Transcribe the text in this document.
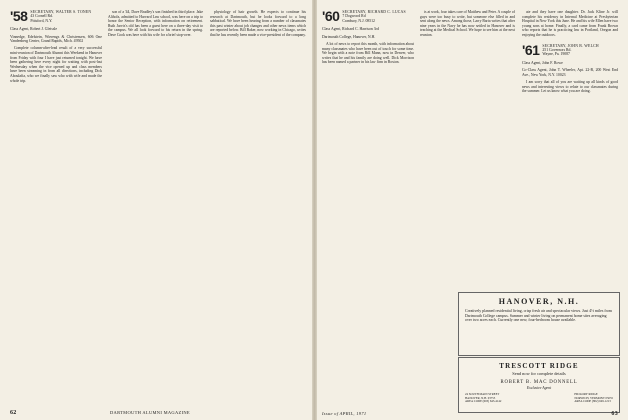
'58 SECRETARY, WALTER S. TONEN
43 Cornell Rd.
Pittsford, N.Y.
Class Agent, Robert J. Gleissle
Vinnedge, Edelstein, Wierengs & Christensen, 606 One Vandenberg Center, Grand Rapids, Mich. 49502

Complete column-after-lead result of a very successful mini-reunion of Dartmouth Alumni this Weekend in Hanover from Friday with four I have just returned tonight. We have been gathering here every night for waiting with post-last Wednesday when the vice opened up and class members have been streaming in from all directions, including Dick Aboulafia, who we finally saw who with wife and made the whole trip.

son of a '44, Dave Bradley's son finished in third place. Jake Altholz, admitted to Harvard Law school, was here on a trip to honor the Senior Reception, with information on retirement. Ruth Jarvis's old has been a guest here on a three-day visit to the campus. We all look forward to his return in the spring. Dave Cook was here with his wife for a brief stop-over.

physiology of hair growth. He expects to continue his research at Dartmouth, but he looks forward to a long sabbatical. We have been hearing from a number of classmates this past winter about job changes and other news items which are reported below. Bill Baker, now working in Chicago, writes that he has recently been made a vice-president of the company.

62	DARTMOUTH ALUMNI MAGAZINE
'60 SECRETARY, RICHARD C. LUCAS
7 Dogwood Rd
Cranbury, N.J. 08512
Class Agent, Richard C. Harrison 3rd
Dartmouth College, Hanover, N.H.

A lot of news to report this month, with information about many classmates who have been out of touch for some time. We begin with a note from Bill Mann, now in Denver, who writes that he and his family are doing well. Dick Morrison has been named a partner in his law firm in Boston.

is at work, four takes care of Matthew and Peter. A couple of guys were too busy to write, but someone else filled in and sent along the news. Among those, Larry Barta writes that after nine years in the Navy he has now settled in Hanover and is teaching at the Medical School. We hope to see him at the next reunion.

ate and they have one daughter. Dr. Jack Kline Jr. will complete his residency in Internal Medicine at Presbyterian Hospital in New York this June. He and his wife Ellen have two young sons at home. Finally, a card came from Frank Brown who reports that he is practicing law in Portland, Oregon and enjoying the outdoors.

'61 SECRETARY, JOHN B. WELCH
251 Governors Rd.
Wayne, Pa. 19087
Class Agent, John F. Rowe
Co-Class Agent, John T. Wheeler, Apt. 22-B, 200 West End Ave., New York, N.Y. 10023

I am sorry that all of you are waiting up all kinds of good news and interesting views to relate to our classmates during the summer. Let us know what you are doing.

HANOVER, N.H.
Creatively planned residential living, crisp fresh air and spectacular views. Just 4½ miles from Dartmouth College campus. Summer and winter living on permanent home sites averaging over two acres each. Currently one new, four-bedroom house available.
TRESCOTT RIDGE
Send now for complete details
ROBERT B. MAC DONNELL
Exclusive Agent
24 SOUTH MAIN STREET
HANOVER, N.H. 03755
AREA CODE (603) 643-4142
HICKORY RIDGE
NORWICH, VERMONT 05055
AREA CODE (802) 649-1213
Issue of APRIL, 1971	63
